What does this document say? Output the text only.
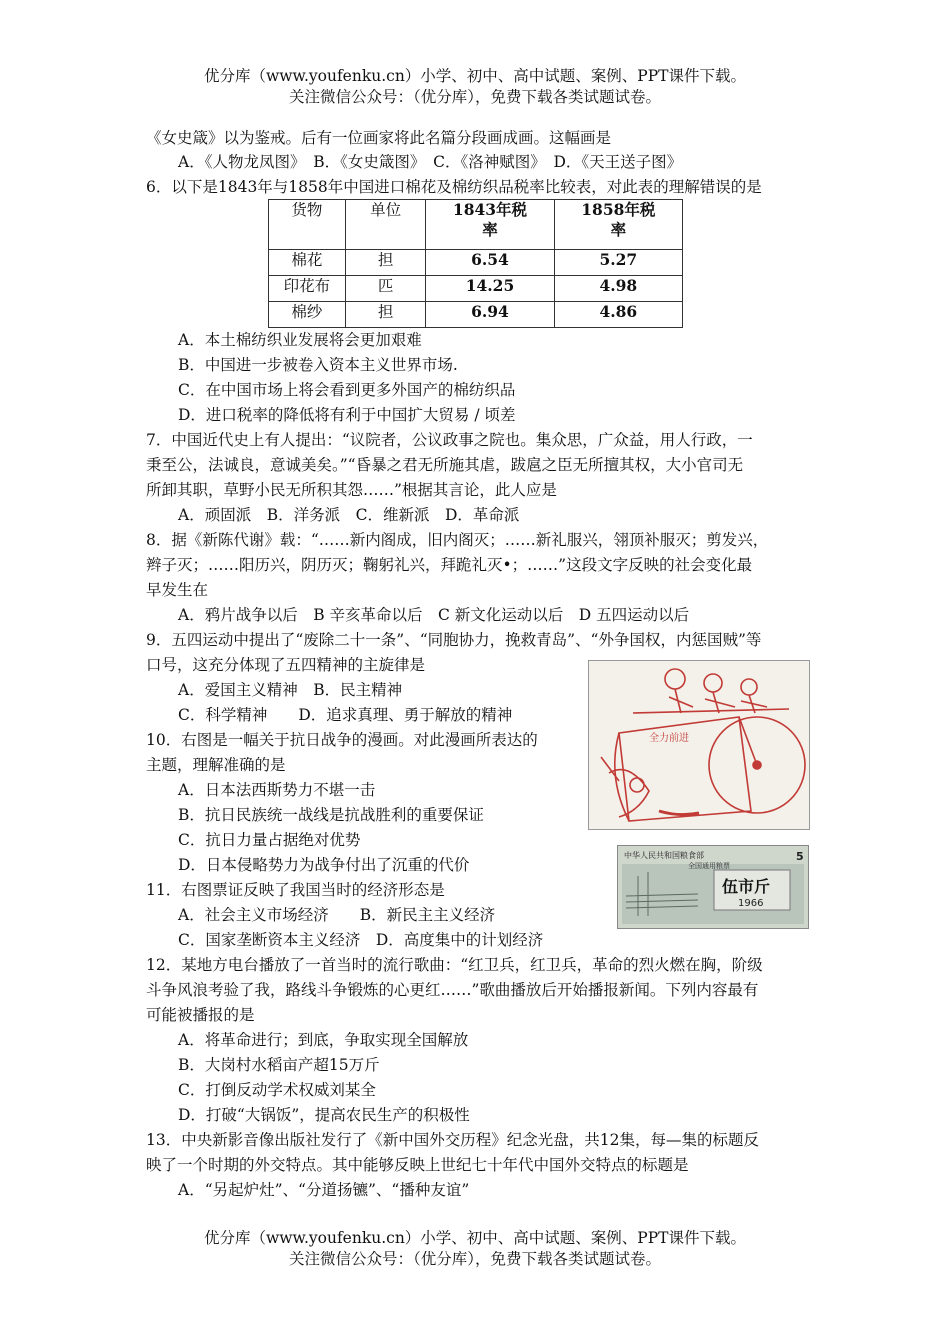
优分库（www.youfenku.cn）小学、初中、高中试题、案例、PPT课件下载。
关注微信公众号：（优分库），免费下载各类试题试卷。
《女史箴》以为鉴戒。后有一位画家将此名篇分段画成画。这幅画是
A．《人物龙凤图》　B．《女史箴图》　C．《洛神赋图》　D．《天王送子图》
6．以下是1843年与1858年中国进口棉花及棉纺织品税率比较表，对此表的理解错误的是
货物	单位	1843年税率	1858年税率
棉花	担	6.54	5.27
印花布	匹	14.25	4.98
棉纱	担	6.94	4.86
A．本土棉纺织业发展将会更加艰难
B．中国进一步被卷入资本主义世界市场.
C．在中国市场上将会看到更多外国产的棉纺织品
D．进口税率的降低将有利于中国扩大贸易 / 顷差
7．中国近代史上有人提出：“议院者，公议政事之院也。集众思，广众益，用人行政，一
秉至公，法诚良，意诚美矣。”“昏暴之君无所施其虐，跋扈之臣无所擅其权，大小官司无
所卸其职，草野小民无所积其怨……”根据其言论，此人应是
A．顽固派　B．洋务派　C．维新派　D．革命派
8．据《新陈代谢》载：“……新内阁成，旧内阁灭；……新礼服兴，翎顶补服灭；剪发兴，
辫子灭；……阳历兴，阴历灭；鞠躬礼兴，拜跪礼灭•；……”这段文字反映的社会变化最
早发生在
A．鸦片战争以后　B 辛亥革命以后　C 新文化运动以后　D 五四运动以后
9．五四运动中提出了“废除二十一条”、“同胞协力，挽救青岛”、“外争国权，内惩国贼”等
口号，这充分体现了五四精神的主旋律是
A．爱国主义精神　B．民主精神
C．科学精神　　D．追求真理、勇于解放的精神
10．右图是一幅关于抗日战争的漫画。对此漫画所表达的
主题，理解准确的是
A．日本法西斯势力不堪一击
B．抗日民族统一战线是抗战胜利的重要保证
C．抗日力量占据绝对优势
D．日本侵略势力为战争付出了沉重的代价
全力前进
11．右图票证反映了我国当时的经济形态是
A．社会主义市场经济　　B．新民主主义经济
C．国家垄断资本主义经济　D．高度集中的计划经济
中华人民共和国粮食部
全国通用粮票
5
伍市斤
1966
12．某地方电台播放了一首当时的流行歌曲：“红卫兵，红卫兵，革命的烈火燃在胸，阶级
斗争风浪考验了我，路线斗争锻炼的心更红……”歌曲播放后开始播报新闻。下列内容最有
可能被播报的是
A．将革命进行；到底，争取实现全国解放
B．大岗村水稻亩产超15万斤
C．打倒反动学术权威刘某全
D．打破“大锅饭”，提高农民生产的积极性
13．中央新影音像出版社发行了《新中国外交历程》纪念光盘，共12集，每—集的标题反
映了一个时期的外交特点。其中能够反映上世纪七十年代中国外交特点的标题是
A．“另起炉灶”、“分道扬镳”、“播种友谊”
优分库（www.youfenku.cn）小学、初中、高中试题、案例、PPT课件下载。
关注微信公众号：（优分库），免费下载各类试题试卷。
